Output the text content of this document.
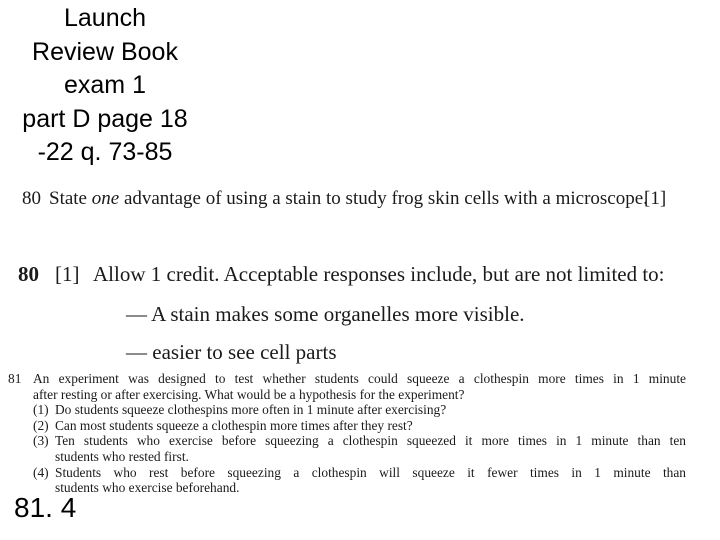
Launch
Review Book
exam 1
part D page 18
-22 q. 73-85
80 State one advantage of using a stain to study frog skin cells with a microscope.
[1]
80 [1] Allow 1 credit. Acceptable responses include, but are not limited to:
— A stain makes some organelles more visible.
— easier to see cell parts
81 An experiment was designed to test whether students could squeeze a clothespin more times in 1 minute
after resting or after exercising. What would be a hypothesis for the experiment?
(1) Do students squeeze clothespins more often in 1 minute after exercising?
(2) Can most students squeeze a clothespin more times after they rest?
(3) Ten students who exercise before squeezing a clothespin squeezed it more times in 1 minute than ten
students who rested first.
(4) Students who rest before squeezing a clothespin will squeeze it fewer times in 1 minute than
students who exercise beforehand.
81. 4
